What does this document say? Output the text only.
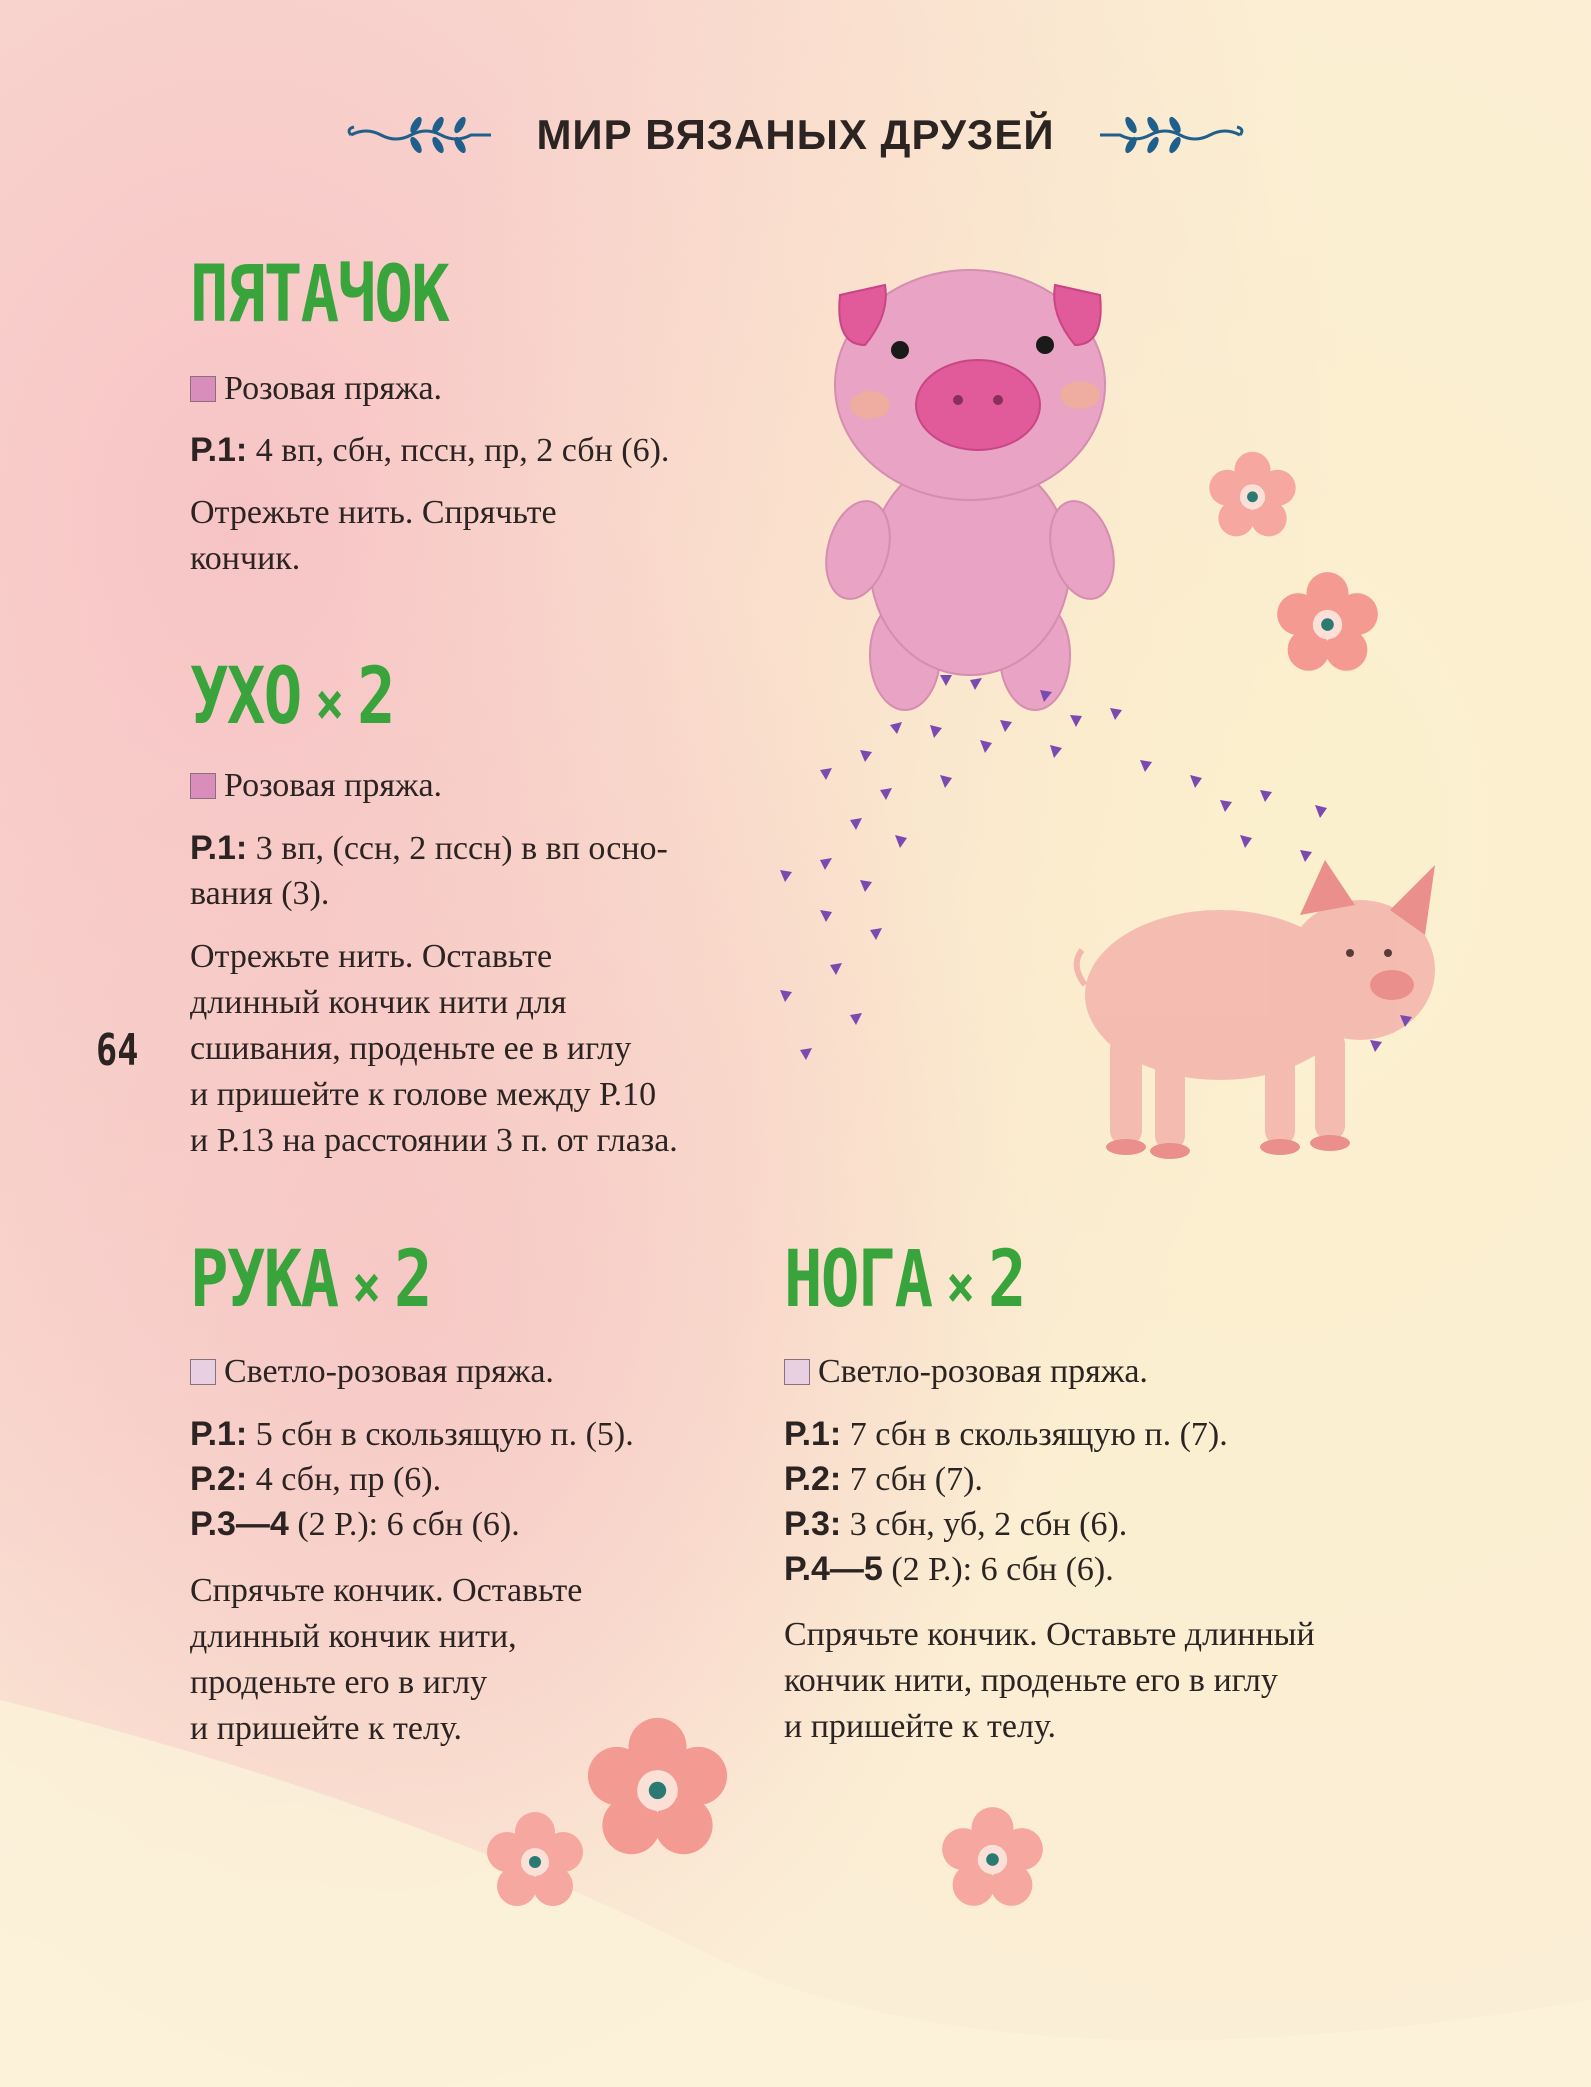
МИР ВЯЗАНЫХ ДРУЗЕЙ
ПЯТАЧОК
Розовая пряжа.
Р.1: 4 вп, сбн, пссн, пр, 2 сбн (6).

Отрежьте нить. Спрячьте

кончик.

УХО × 2
Розовая пряжа.
Р.1: 3 вп, (ссн, 2 пссн) в вп осно-
вания (3).

Отрежьте нить. Оставьте

длинный кончик нити для

сшивания, проденьте ее в иглу

и пришейте к голове между Р.10

и Р.13 на расстоянии 3 п. от глаза.

64
РУКА × 2
Светло-розовая пряжа.
Р.1: 5 сбн в скользящую п. (5).
Р.2: 4 сбн, пр (6).
Р.3—4 (2 Р.): 6 сбн (6).

Спрячьте кончик. Оставьте

длинный кончик нити,

проденьте его в иглу

и пришейте к телу.

НОГА × 2
Светло-розовая пряжа.
Р.1: 7 сбн в скользящую п. (7).
Р.2: 7 сбн (7).
Р.3: 3 сбн, уб, 2 сбн (6).
Р.4—5 (2 Р.): 6 сбн (6).

Спрячьте кончик. Оставьте длинный

кончик нити, проденьте его в иглу

и пришейте к телу.
